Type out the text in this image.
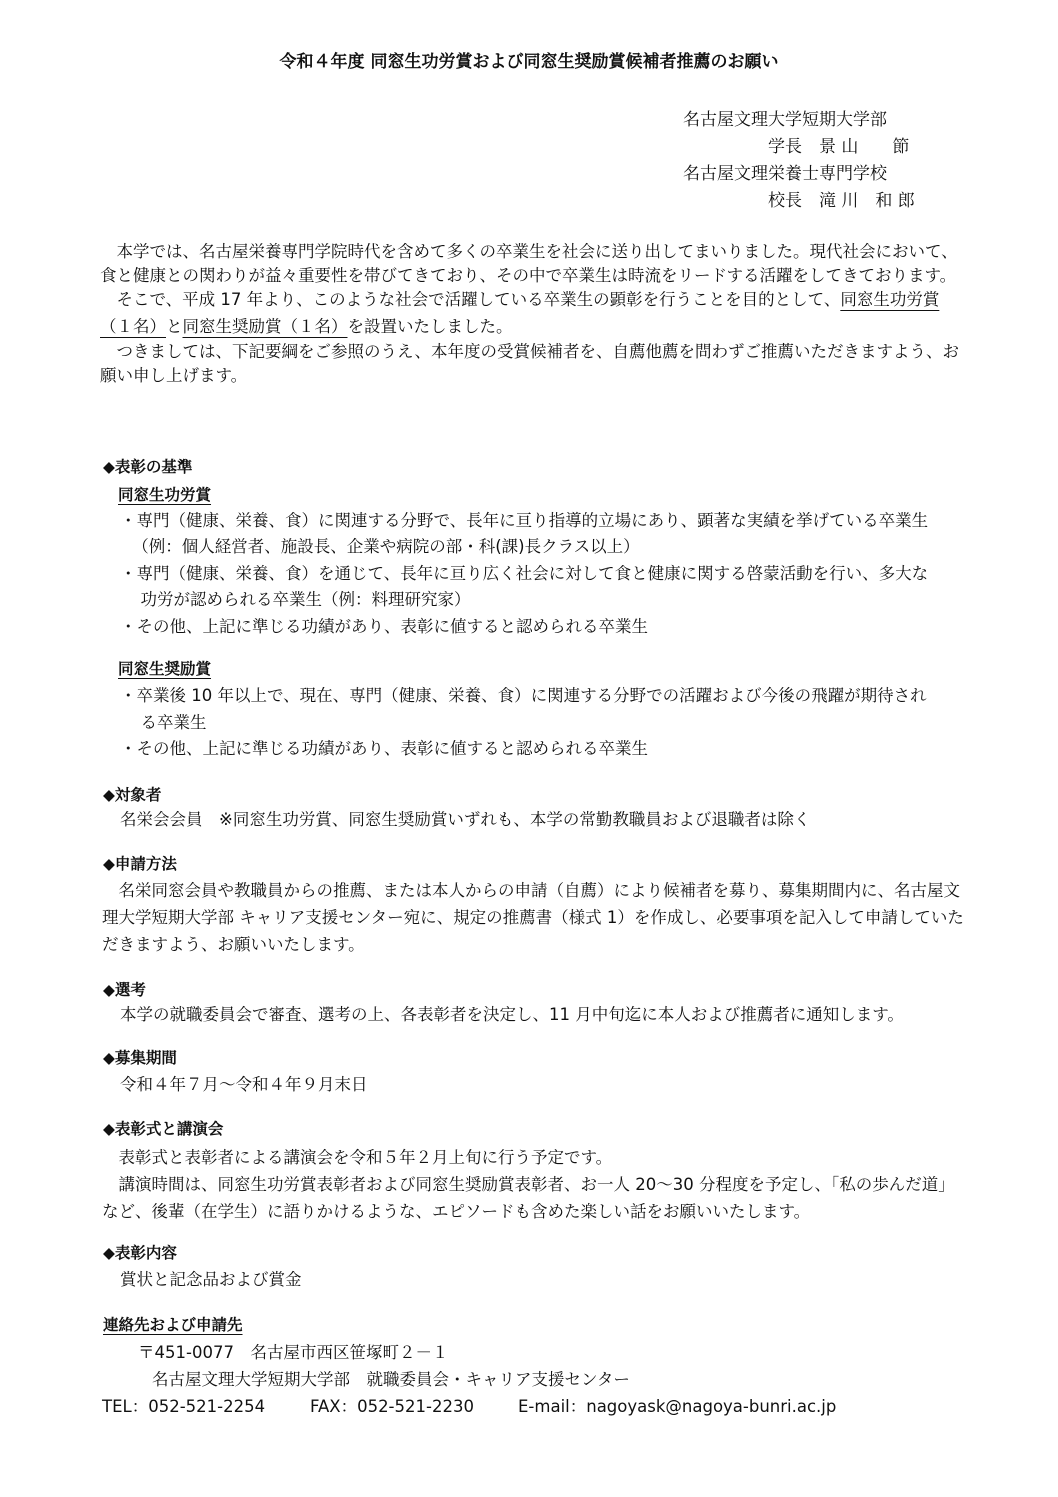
令和４年度 同窓生功労賞および同窓生奨励賞候補者推薦のお願い
名古屋文理大学短期大学部
学長　景 山　　節
名古屋文理栄養士専門学校
校長　滝 川　和 郎

本学では、名古屋栄養専門学院時代を含めて多くの卒業生を社会に送り出してまいりました。現代社会において、食と健康との関わりが益々重要性を帯びてきており、その中で卒業生は時流をリードする活躍をしてきております。

そこで、平成 17 年より、このような社会で活躍している卒業生の顕彰を行うことを目的として、同窓生功労賞（１名）と同窓生奨励賞（１名）を設置いたしました。

つきましては、下記要綱をご参照のうえ、本年度の受賞候補者を、自薦他薦を問わずご推薦いただきますよう、お願い申し上げます。

◆表彰の基準
同窓生功労賞
・専門（健康、栄養、食）に関連する分野で、長年に亘り指導的立場にあり、顕著な実績を挙げている卒業生
　（例：個人経営者、施設長、企業や病院の部・科(課)長クラス以上）
・専門（健康、栄養、食）を通じて、長年に亘り広く社会に対して食と健康に関する啓蒙活動を行い、多大な
　功労が認められる卒業生（例：料理研究家）
・その他、上記に準じる功績があり、表彰に値すると認められる卒業生
同窓生奨励賞
・卒業後 10 年以上で、現在、専門（健康、栄養、食）に関連する分野での活躍および今後の飛躍が期待され
　る卒業生
・その他、上記に準じる功績があり、表彰に値すると認められる卒業生
◆対象者
名栄会会員　※同窓生功労賞、同窓生奨励賞いずれも、本学の常勤教職員および退職者は除く
◆申請方法

名栄同窓会員や教職員からの推薦、または本人からの申請（自薦）により候補者を募り、募集期間内に、名古屋文理大学短期大学部 キャリア支援センター宛に、規定の推薦書（様式 1）を作成し、必要事項を記入して申請していただきますよう、お願いいたします。

◆選考
本学の就職委員会で審査、選考の上、各表彰者を決定し、11 月中旬迄に本人および推薦者に通知します。
◆募集期間
令和４年７月～令和４年９月末日
◆表彰式と講演会

表彰式と表彰者による講演会を令和５年２月上旬に行う予定です。

講演時間は、同窓生功労賞表彰者および同窓生奨励賞表彰者、お一人 20～30 分程度を予定し、「私の歩んだ道」など、後輩（在学生）に語りかけるような、エピソードも含めた楽しい話をお願いいたします。

◆表彰内容
賞状と記念品および賞金
連絡先および申請先
〒451-0077　名古屋市西区笹塚町２－１
名古屋文理大学短期大学部　就職委員会・キャリア支援センター
TEL：052-521-2254	FAX：052-521-2230	E-mail：nagoyask@nagoya-bunri.ac.jp
